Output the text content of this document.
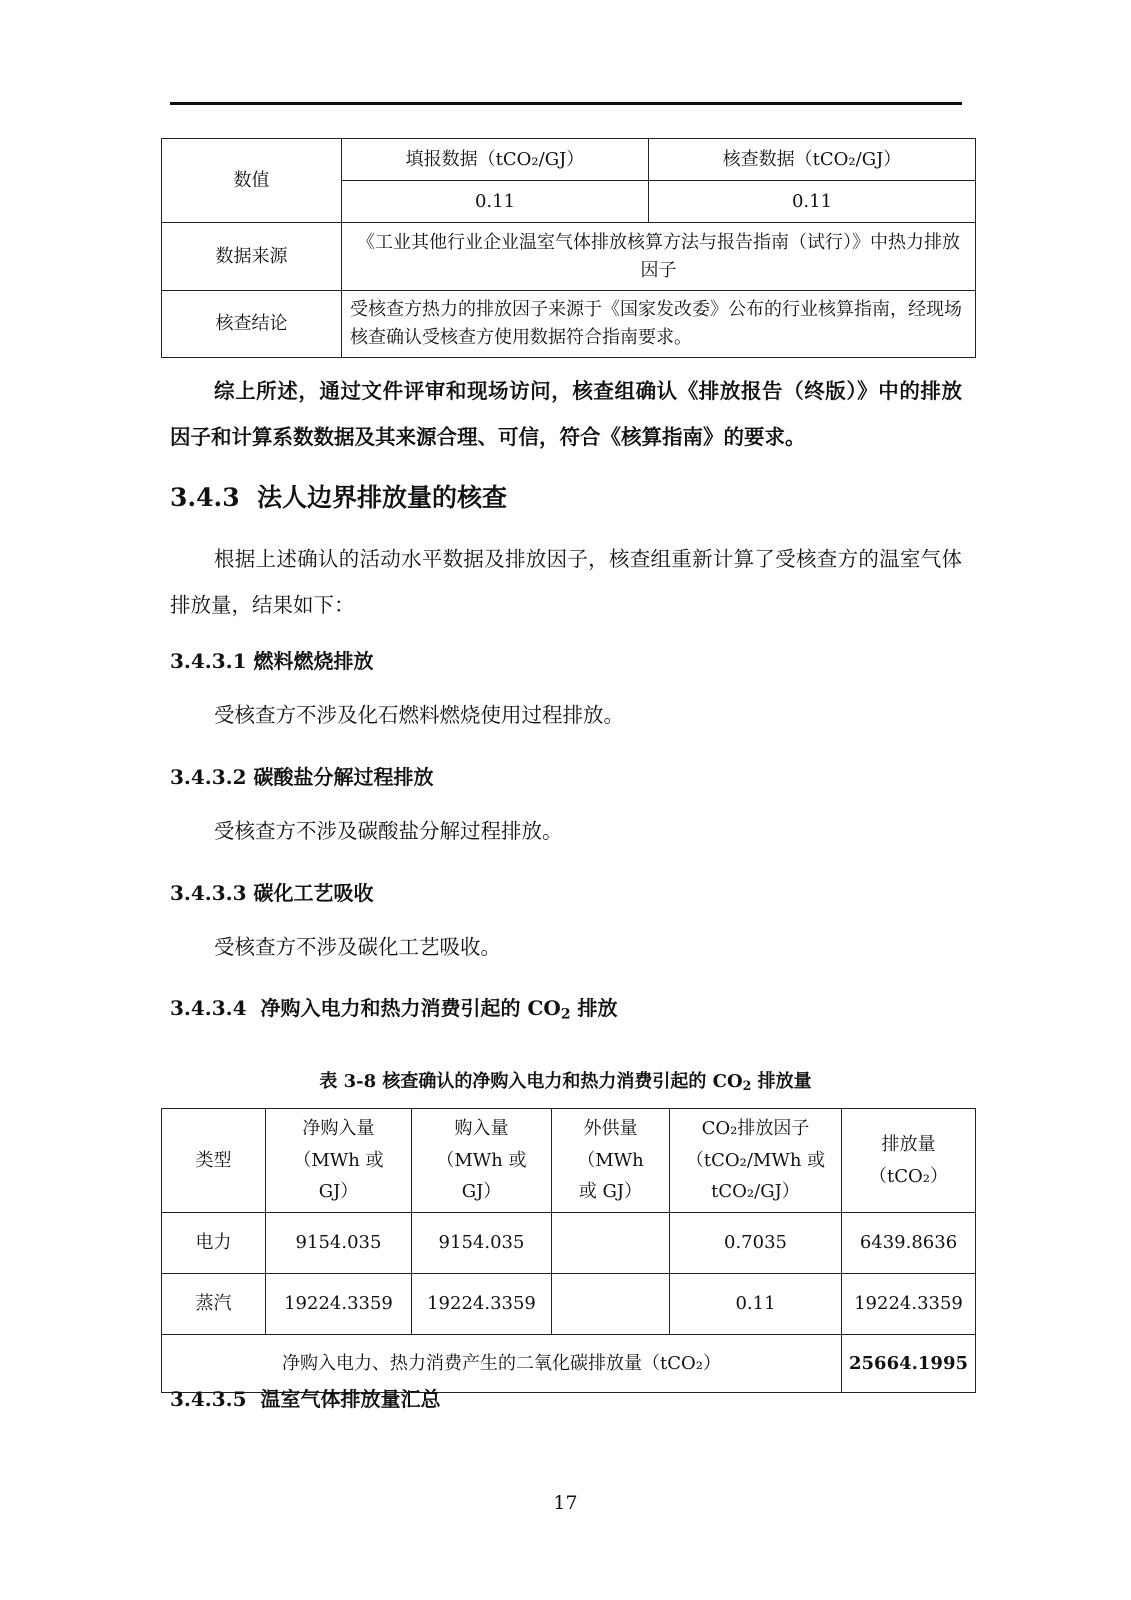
数值	填报数据（tCO₂/GJ）	核查数据（tCO₂/GJ）
	0.11	0.11
数据来源	《工业其他行业企业温室气体排放核算方法与报告指南（试行）》中热力排放因子	
核查结论	受核查方热力的排放因子来源于《国家发改委》公布的行业核算指南，经现场核查确认受核查方使用数据符合指南要求。	

综上所述，通过文件评审和现场访问，核查组确认《排放报告（终版）》中的排放因子和计算系数数据及其来源合理、可信，符合《核算指南》的要求。

3.4.3 法人边界排放量的核查

根据上述确认的活动水平数据及排放因子，核查组重新计算了受核查方的温室气体排放量，结果如下：

3.4.3.1 燃料燃烧排放

受核查方不涉及化石燃料燃烧使用过程排放。

3.4.3.2 碳酸盐分解过程排放

受核查方不涉及碳酸盐分解过程排放。

3.4.3.3 碳化工艺吸收

受核查方不涉及碳化工艺吸收。

3.4.3.4 净购入电力和热力消费引起的 $CO_2$ 排放
表 3-8 核查确认的净购入电力和热力消费引起的 $CO_2$ 排放量
类型	净购入量（MWh 或 GJ）	购入量（MWh 或 GJ）	外供量（MWh 或 GJ）	CO₂排放因子（tCO₂/MWh 或 tCO₂/GJ）	排放量（tCO₂）
电力	9154.035	9154.035		0.7035	6439.8636
蒸汽	19224.3359	19224.3359		0.11	19224.3359
净购入电力、热力消费产生的二氧化碳排放量（tCO₂）					25664.1995
3.4.3.5 温室气体排放量汇总
17
